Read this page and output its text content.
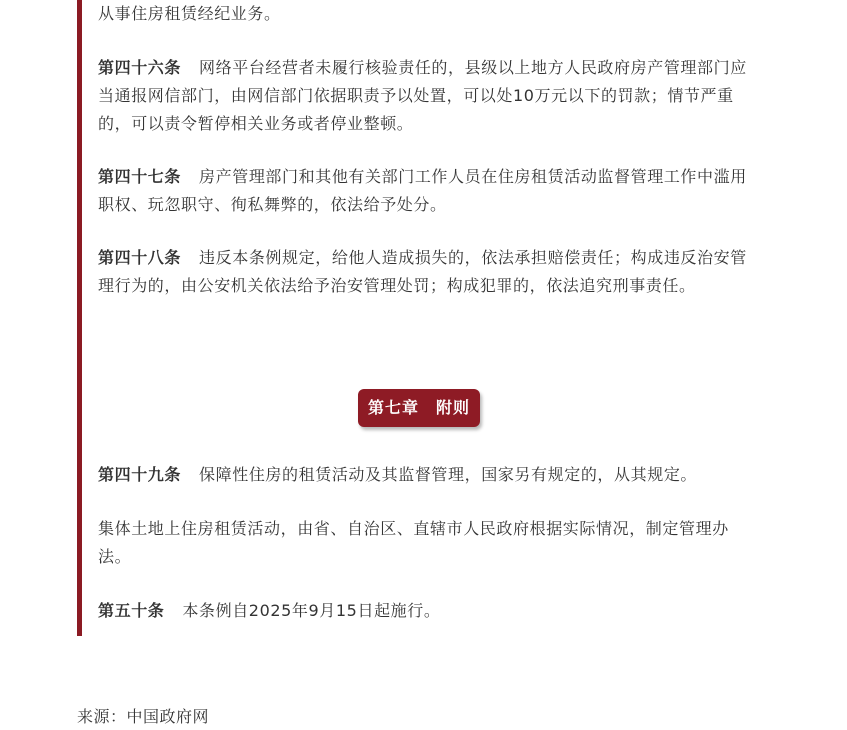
从事住房租赁经纪业务。

第四十六条 网络平台经营者未履行核验责任的，县级以上地方人民政府房产管理部门应当通报网信部门，由网信部门依据职责予以处置，可以处10万元以下的罚款；情节严重的，可以责令暂停相关业务或者停业整顿。

第四十七条 房产管理部门和其他有关部门工作人员在住房租赁活动监督管理工作中滥用职权、玩忽职守、徇私舞弊的，依法给予处分。

第四十八条 违反本条例规定，给他人造成损失的，依法承担赔偿责任；构成违反治安管理行为的，由公安机关依法给予治安管理处罚；构成犯罪的，依法追究刑事责任。

第四十九条 保障性住房的租赁活动及其监督管理，国家另有规定的，从其规定。

集体土地上住房租赁活动，由省、自治区、直辖市人民政府根据实际情况，制定管理办法。

第五十条 本条例自2025年9月15日起施行。

第七章　附则
来源：中国政府网
